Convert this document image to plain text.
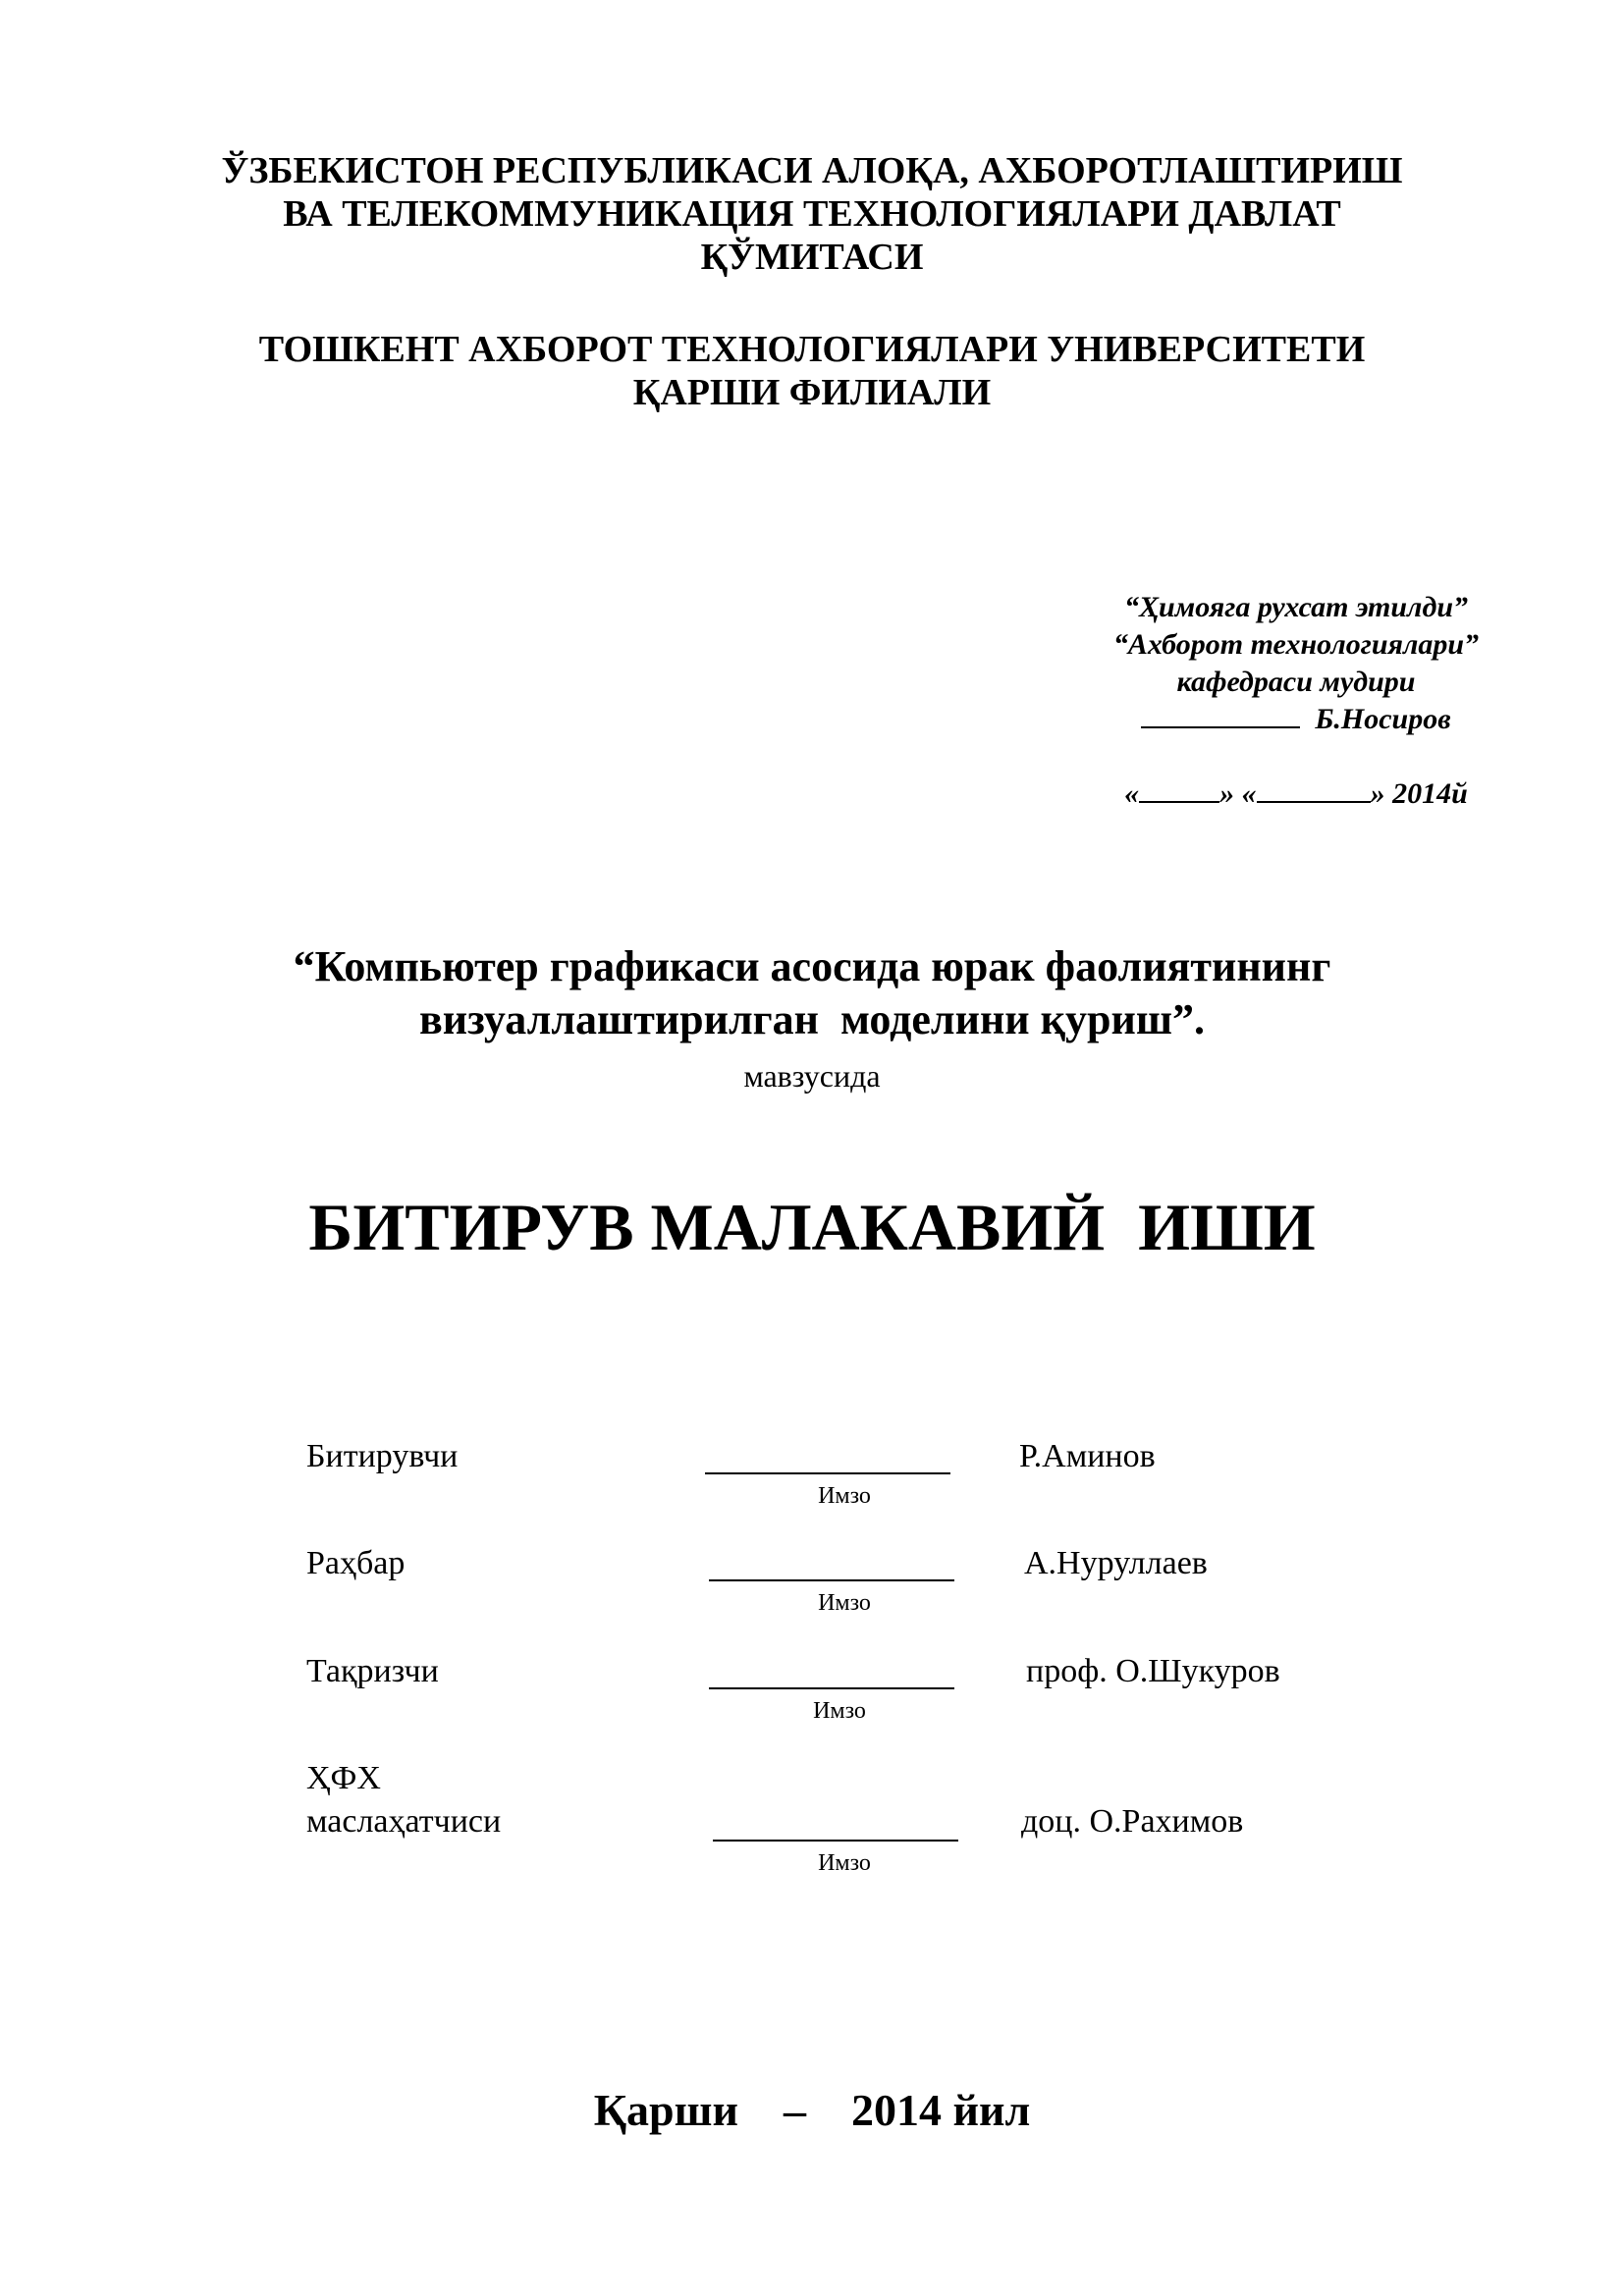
ЎЗБЕКИСТОН РЕСПУБЛИКАСИ АЛОҚА, АХБОРОТЛАШТИРИШ
ВА ТЕЛЕКОММУНИКАЦИЯ ТЕХНОЛОГИЯЛАРИ ДАВЛАТ
ҚЎМИТАСИ
ТОШКЕНТ АХБОРОТ ТЕХНОЛОГИЯЛАРИ УНИВЕРСИТЕТИ
ҚАРШИ ФИЛИАЛИ
“Ҳимояга рухсат этилди”
“Ахборот технологиялари”
кафедраси мудири
Б.Носиров
«	» «	» 2014й
“Компьютер графикаси асосида юрак фаолиятининг
визуаллаштирилган  моделини қуриш”.
мавзусида
БИТИРУВ МАЛАКАВИЙ  ИШИ
Битирувчи
Имзо
Р.Аминов
Раҳбар
Имзо
А.Нуруллаев
Тақризчи
Имзо
проф. О.Шукуров
ҲФХ
маслаҳатчиси
Имзо
доц. О.Рахимов
Қарши – 2014 йил
